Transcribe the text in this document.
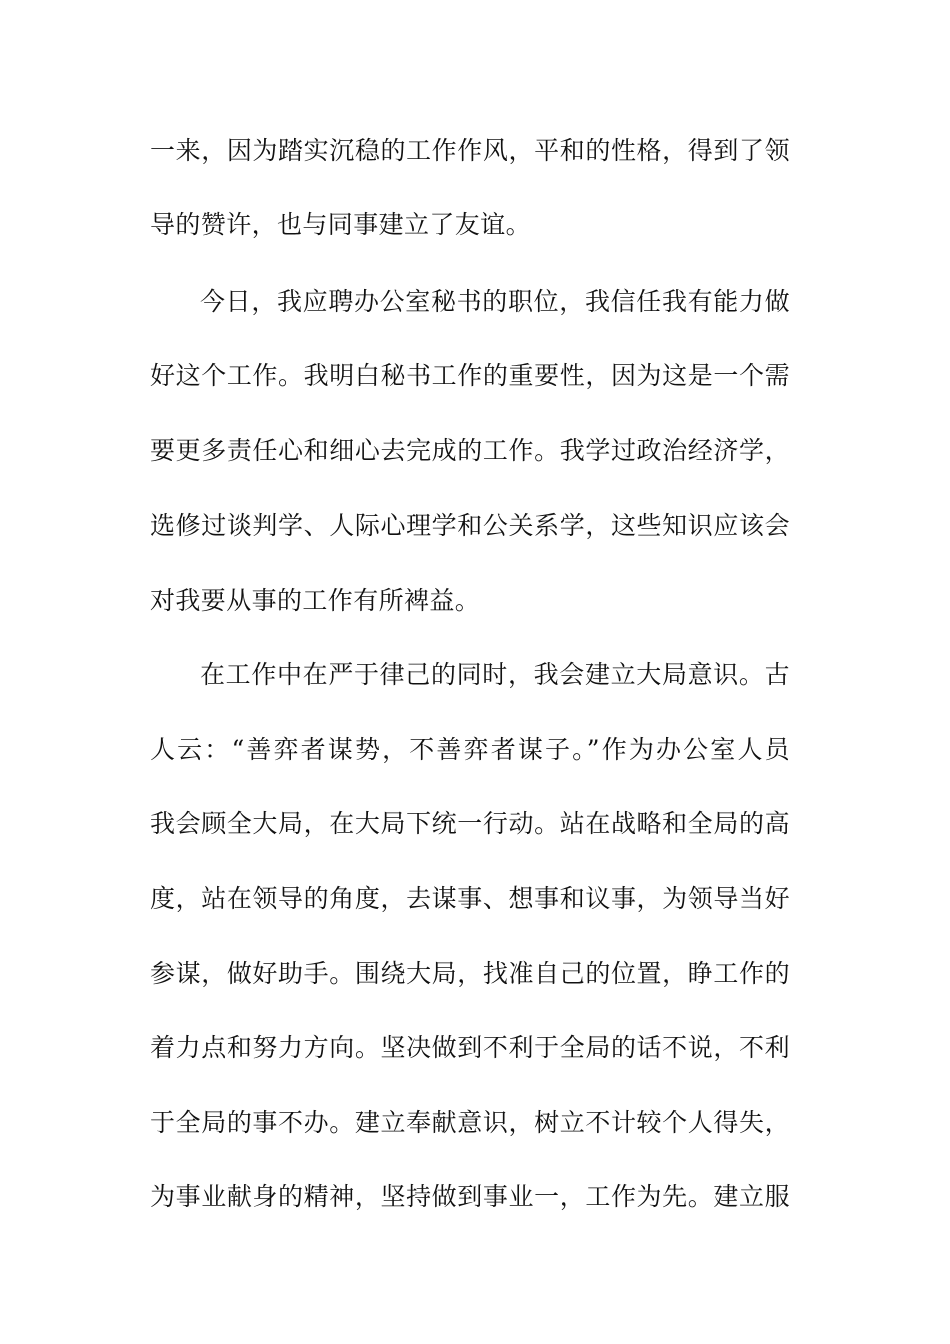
一来，因为踏实沉稳的工作作风，平和的性格，得到了领
导的赞许，也与同事建立了友谊。
今日，我应聘办公室秘书的职位，我信任我有能力做
好这个工作。我明白秘书工作的重要性，因为这是一个需
要更多责任心和细心去完成的工作。我学过政治经济学，
选修过谈判学、人际心理学和公关系学，这些知识应该会
对我要从事的工作有所裨益。
在工作中在严于律己的同时，我会建立大局意识。古
人云：“善弈者谋势，不善弈者谋子。”作为办公室人员
我会顾全大局，在大局下统一行动。站在战略和全局的高
度，站在领导的角度，去谋事、想事和议事，为领导当好
参谋，做好助手。围绕大局，找准自己的位置，睁工作的
着力点和努力方向。坚决做到不利于全局的话不说，不利
于全局的事不办。建立奉献意识，树立不计较个人得失，
为事业献身的精神，坚持做到事业一，工作为先。建立服
